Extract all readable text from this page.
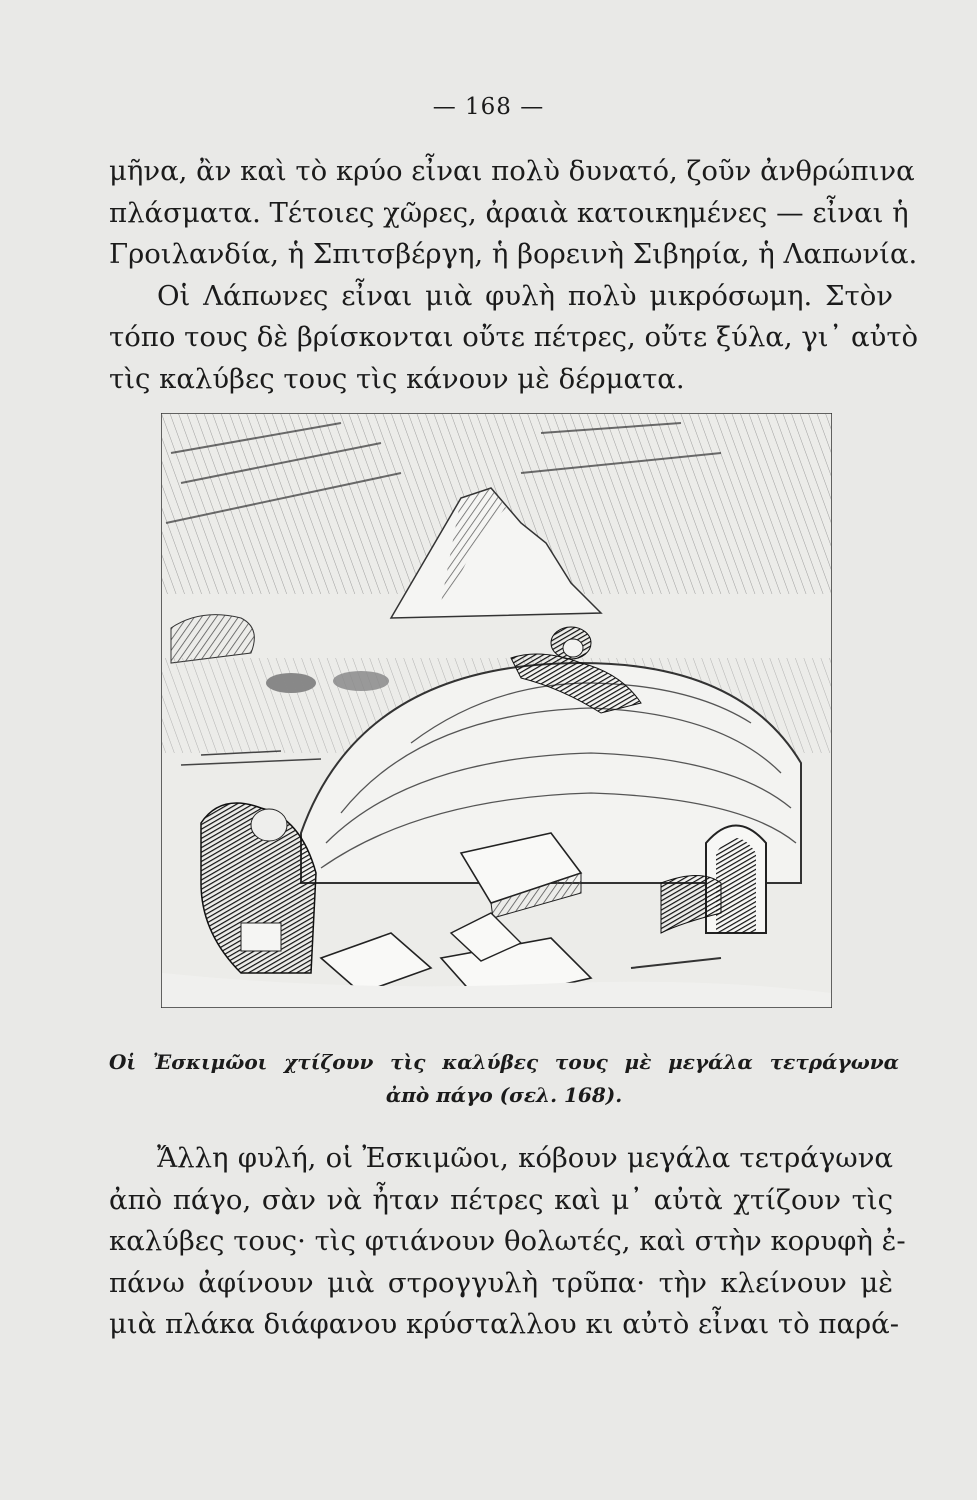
— 168 —
μῆνα, ἂν καὶ τὸ κρύο εἶναι πολὺ δυνατό, ζοῦν ἀνθρώπινα
πλάσματα. Τέτοιες χῶρες, ἀραιὰ κατοικημένες — εἶναι ἡ
Γροιλανδία, ἡ Σπιτσβέργη, ἡ βορεινὴ Σιβηρία, ἡ Λαπωνία.
Οἱ Λάπωνες εἶναι μιὰ φυλὴ πολὺ μικρόσωμη. Στὸν
τόπο τους δὲ βρίσκονται οὔτε πέτρες, οὔτε ξύλα, γι᾿ αὐτὸ
τὶς καλύβες τους τὶς κάνουν μὲ δέρματα.
Οἱ Ἐσκιμῶοι χτίζουν τὶς καλύβες τους μὲ μεγάλα τετράγωνα
ἀπὸ πάγο (σελ. 168).
Ἄλλη φυλή, οἱ Ἐσκιμῶοι, κόβουν μεγάλα τετράγωνα
ἀπὸ πάγο, σὰν νὰ ἦταν πέτρες καὶ μ᾿ αὐτὰ χτίζουν τὶς
καλύβες τους· τὶς φτιάνουν θολωτές, καὶ στὴν κορυφὴ ἐ-
πάνω ἀφίνουν μιὰ στρογγυλὴ τρῦπα· τὴν κλείνουν μὲ
μιὰ πλάκα διάφανου κρύσταλλου κι αὐτὸ εἶναι τὸ παρά-
